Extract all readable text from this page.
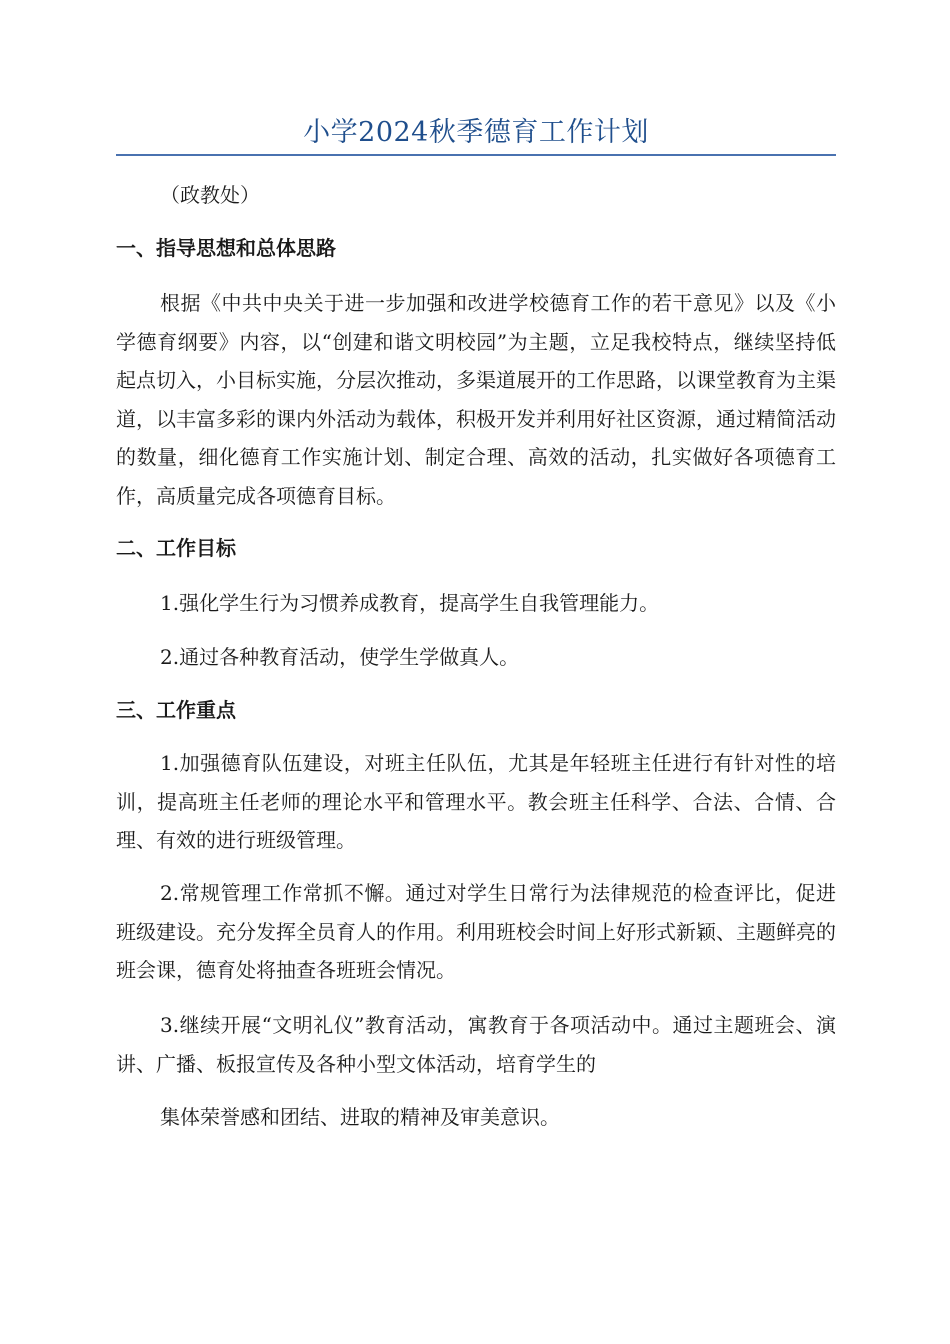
小学2024秋季德育工作计划
（政教处）
一、指导思想和总体思路

根据《中共中央关于进一步加强和改进学校德育工作的若干意见》以及《小学德育纲要》内容，以“创建和谐文明校园”为主题，立足我校特点，继续坚持低起点切入，小目标实施，分层次推动，多渠道展开的工作思路，以课堂教育为主渠道，以丰富多彩的课内外活动为载体，积极开发并利用好社区资源，通过精简活动的数量，细化德育工作实施计划、制定合理、高效的活动，扎实做好各项德育工作，高质量完成各项德育目标。

二、工作目标

1.强化学生行为习惯养成教育，提高学生自我管理能力。

2.通过各种教育活动，使学生学做真人。

三、工作重点

1.加强德育队伍建设，对班主任队伍，尤其是年轻班主任进行有针对性的培训，提高班主任老师的理论水平和管理水平。教会班主任科学、合法、合情、合理、有效的进行班级管理。

2.常规管理工作常抓不懈。通过对学生日常行为法律规范的检查评比，促进班级建设。充分发挥全员育人的作用。利用班校会时间上好形式新颖、主题鲜亮的班会课，德育处将抽查各班班会情况。

3.继续开展“文明礼仪”教育活动，寓教育于各项活动中。通过主题班会、演讲、广播、板报宣传及各种小型文体活动，培育学生的

集体荣誉感和团结、进取的精神及审美意识。
